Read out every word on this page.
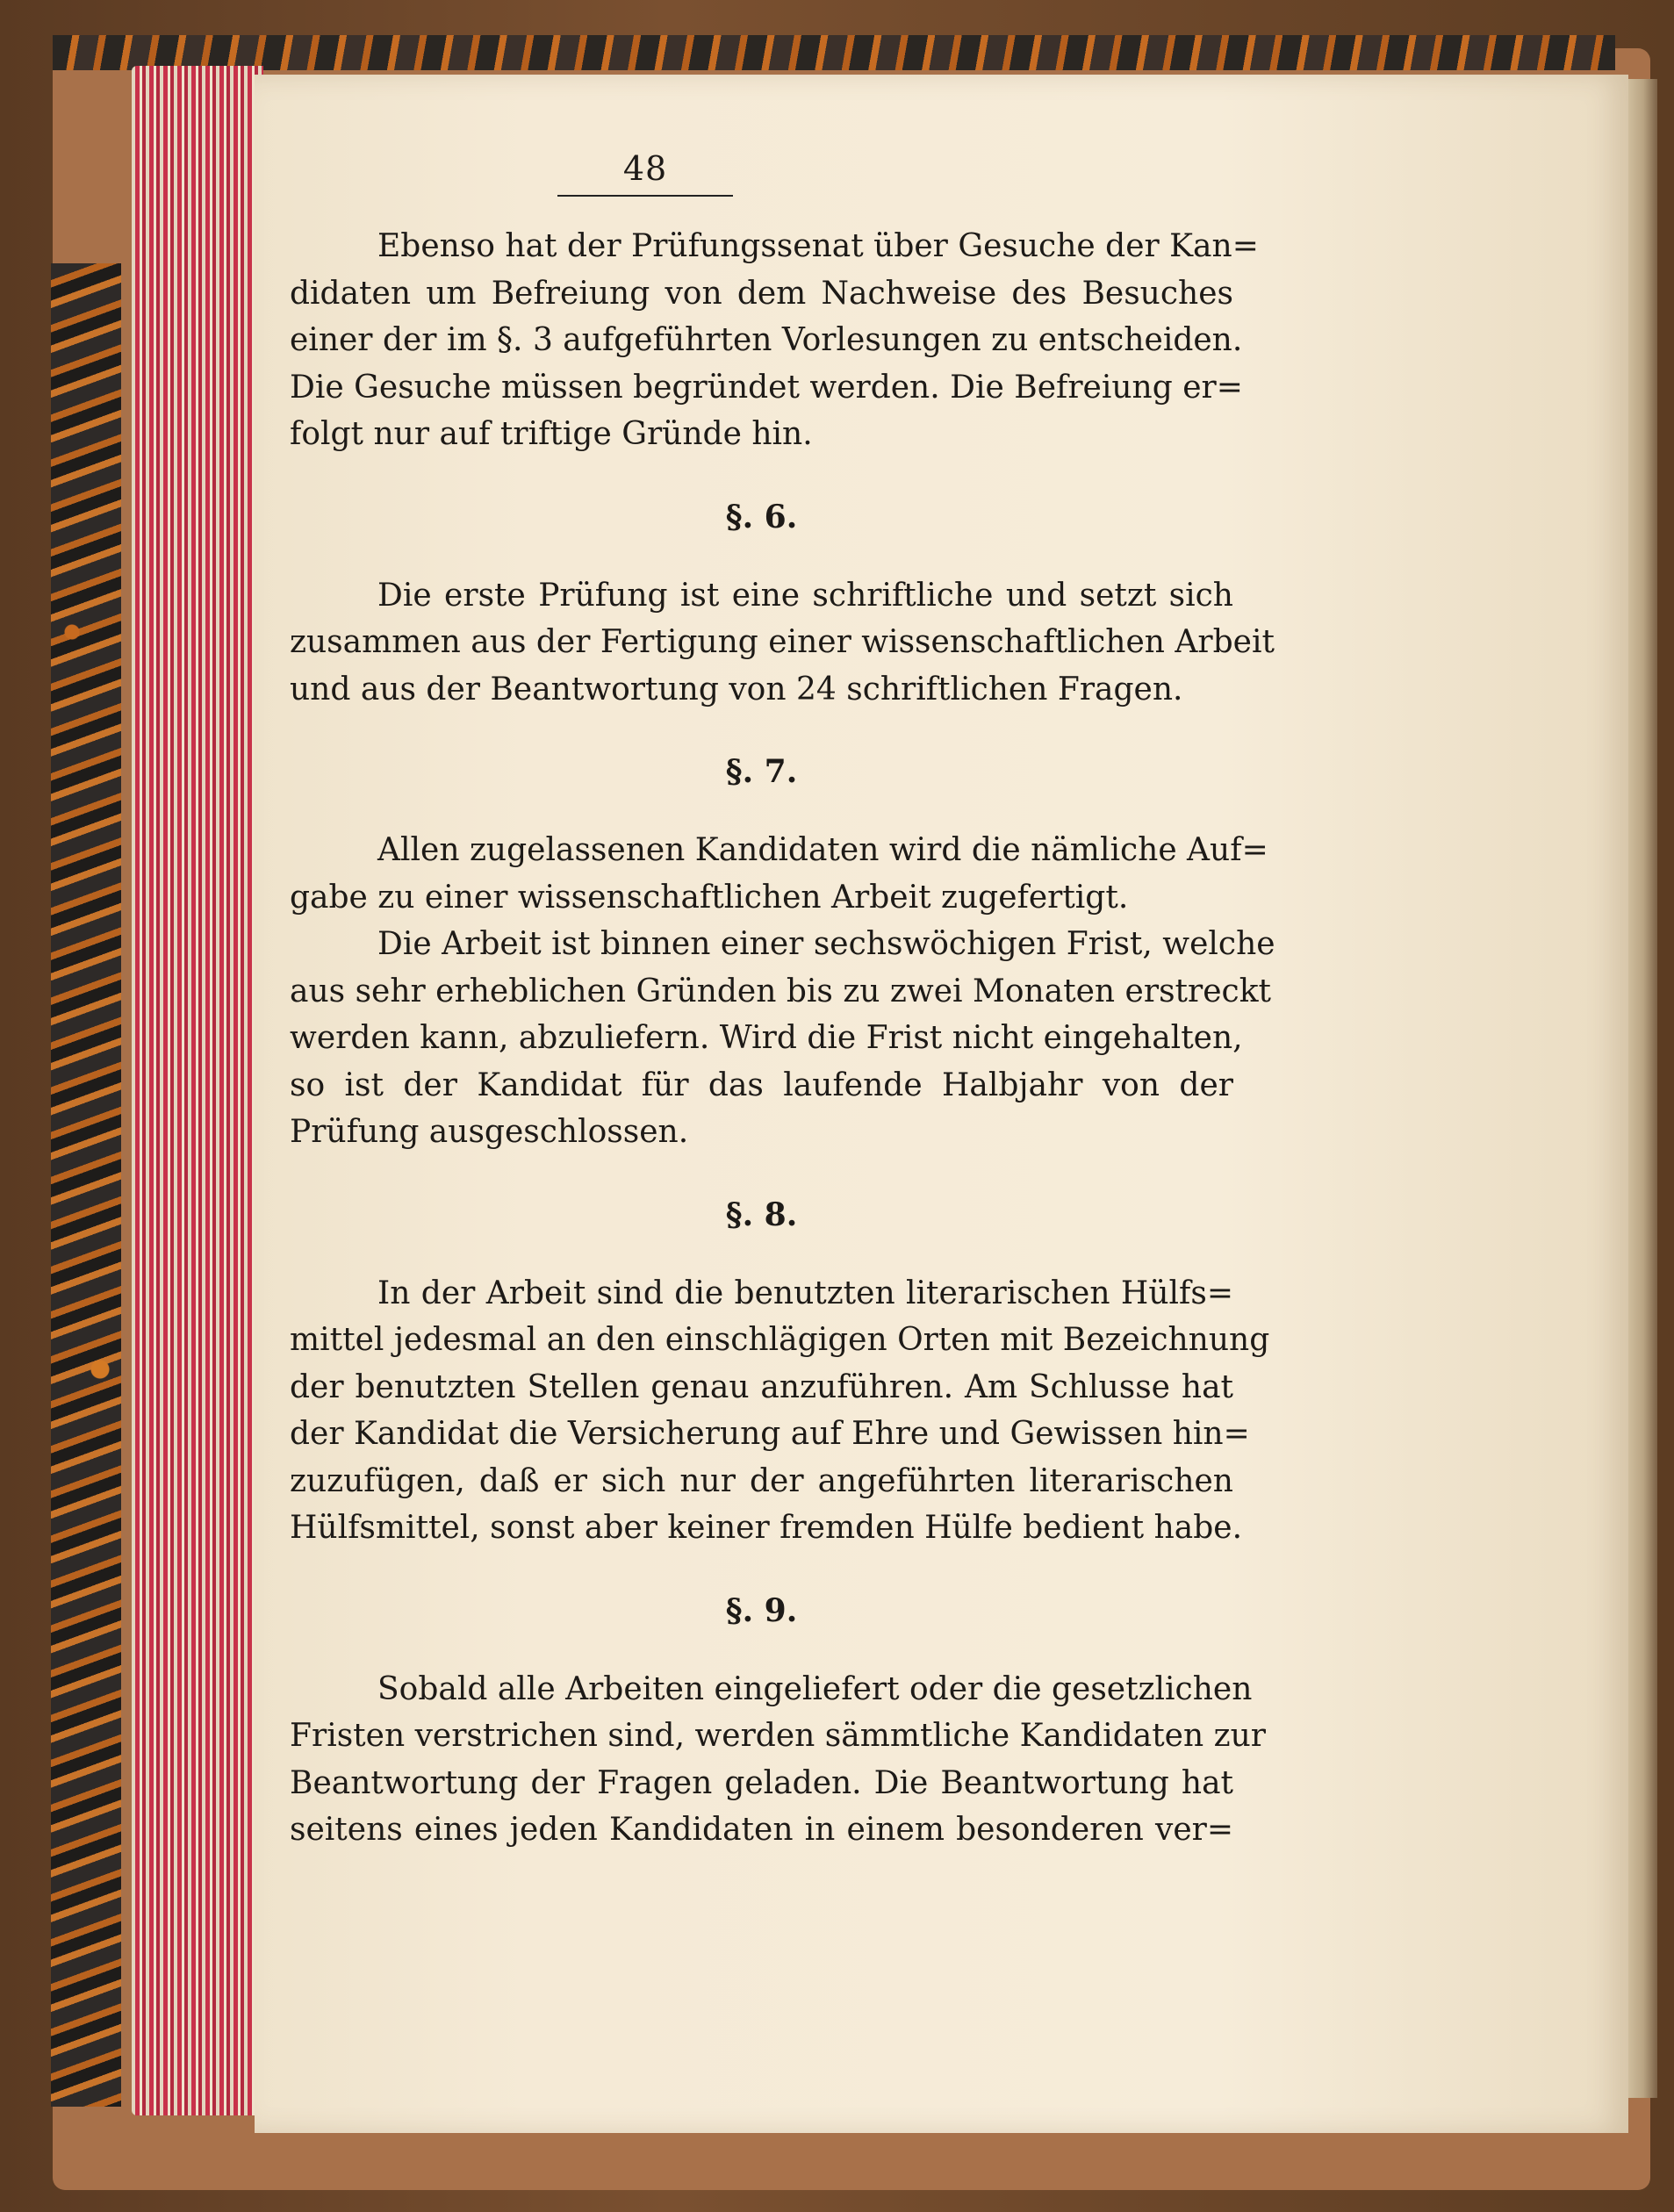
48

Ebenso hat der Prüfungssenat über Gesuche der Kan=
didaten um Befreiung von dem Nachweise des Besuches
einer der im §. 3 aufgeführten Vorlesungen zu entscheiden.
Die Gesuche müssen begründet werden. Die Befreiung er=
folgt nur auf triftige Gründe hin.

§. 6.

Die erste Prüfung ist eine schriftliche und setzt sich
zusammen aus der Fertigung einer wissenschaftlichen Arbeit
und aus der Beantwortung von 24 schriftlichen Fragen.

§. 7.

Allen zugelassenen Kandidaten wird die nämliche Auf=
gabe zu einer wissenschaftlichen Arbeit zugefertigt.

Die Arbeit ist binnen einer sechswöchigen Frist, welche
aus sehr erheblichen Gründen bis zu zwei Monaten erstreckt
werden kann, abzuliefern. Wird die Frist nicht eingehalten,
so ist der Kandidat für das laufende Halbjahr von der
Prüfung ausgeschlossen.

§. 8.

In der Arbeit sind die benutzten literarischen Hülfs=
mittel jedesmal an den einschlägigen Orten mit Bezeichnung
der benutzten Stellen genau anzuführen. Am Schlusse hat
der Kandidat die Versicherung auf Ehre und Gewissen hin=
zuzufügen, daß er sich nur der angeführten literarischen
Hülfsmittel, sonst aber keiner fremden Hülfe bedient habe.

§. 9.

Sobald alle Arbeiten eingeliefert oder die gesetzlichen
Fristen verstrichen sind, werden sämmtliche Kandidaten zur
Beantwortung der Fragen geladen. Die Beantwortung hat
seitens eines jeden Kandidaten in einem besonderen ver=
